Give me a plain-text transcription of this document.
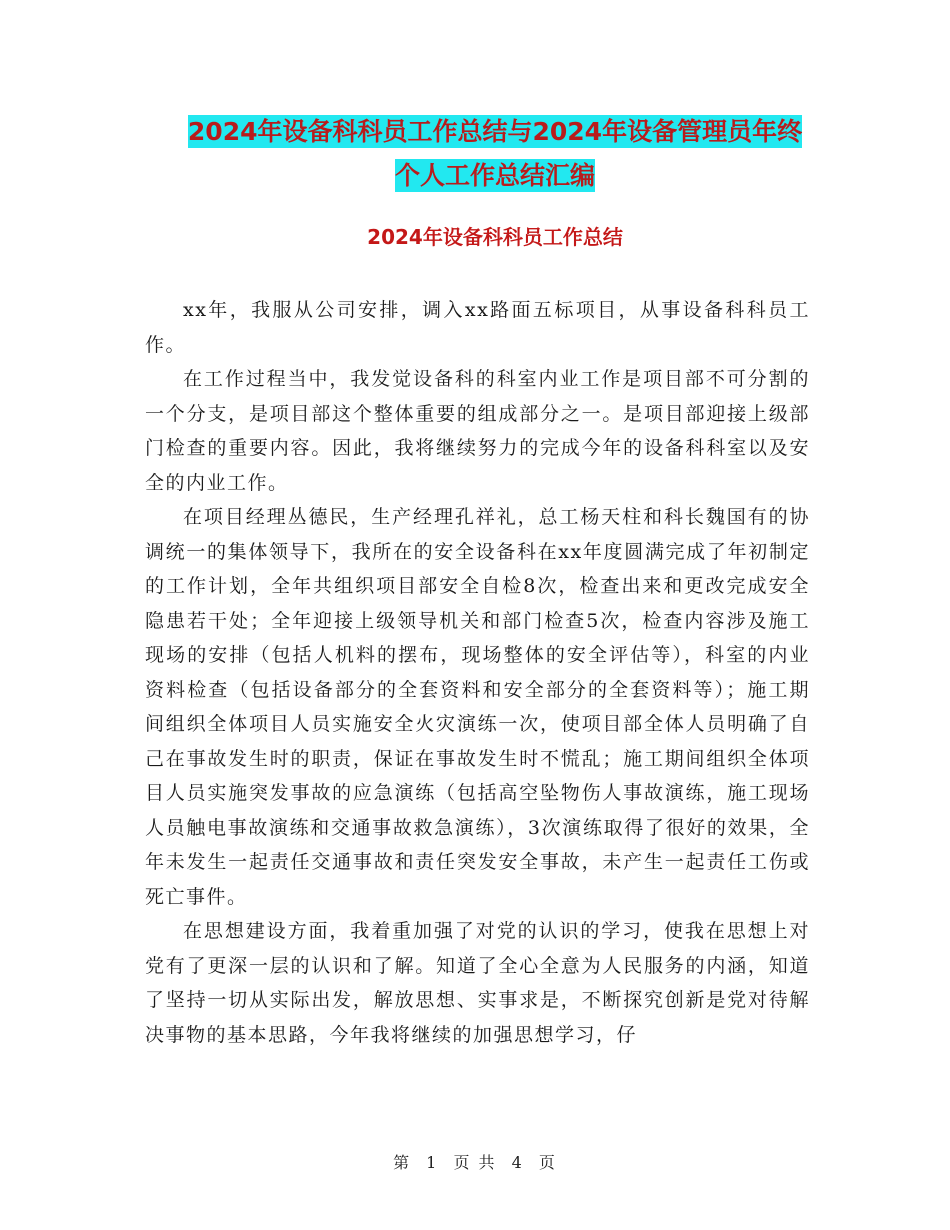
2024年设备科科员工作总结与2024年设备管理员年终
个人工作总结汇编
2024年设备科科员工作总结

xx年，我服从公司安排，调入xx路面五标项目，从事设备科科员工作。

在工作过程当中，我发觉设备科的科室内业工作是项目部不可分割的一个分支，是项目部这个整体重要的组成部分之一。是项目部迎接上级部门检查的重要内容。因此，我将继续努力的完成今年的设备科科室以及安全的内业工作。

在项目经理丛德民，生产经理孔祥礼，总工杨天柱和科长魏国有的协调统一的集体领导下，我所在的安全设备科在xx年度圆满完成了年初制定的工作计划，全年共组织项目部安全自检8次，检查出来和更改完成安全隐患若干处；全年迎接上级领导机关和部门检查5次，检查内容涉及施工现场的安排（包括人机料的摆布，现场整体的安全评估等），科室的内业资料检查（包括设备部分的全套资料和安全部分的全套资料等）；施工期间组织全体项目人员实施安全火灾演练一次，使项目部全体人员明确了自己在事故发生时的职责，保证在事故发生时不慌乱；施工期间组织全体项目人员实施突发事故的应急演练（包括高空坠物伤人事故演练，施工现场人员触电事故演练和交通事故救急演练），3次演练取得了很好的效果，全年未发生一起责任交通事故和责任突发安全事故，未产生一起责任工伤或死亡事件。

在思想建设方面，我着重加强了对党的认识的学习，使我在思想上对党有了更深一层的认识和了解。知道了全心全意为人民服务的内涵，知道了坚持一切从实际出发，解放思想、实事求是，不断探究创新是党对待解决事物的基本思路，今年我将继续的加强思想学习，仔

第 1 页 共 4 页
